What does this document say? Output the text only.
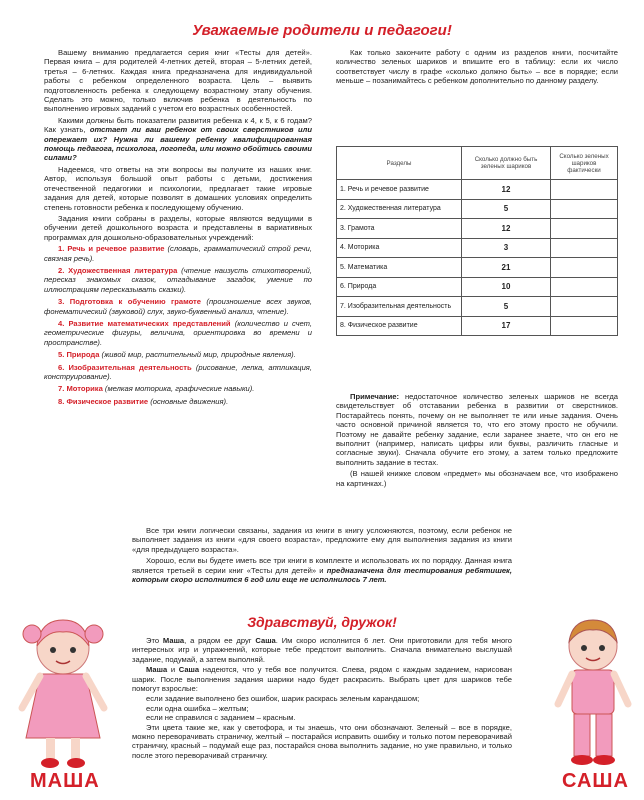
Уважаемые родители и педагоги!

Вашему вниманию предлагается серия книг «Тесты для детей». Первая книга – для родителей 4-летних детей, вторая – 5-летних детей, третья – 6-летних. Каждая книга предназначена для индивидуальной работы с ребенком определенного возраста. Цель – выявить подготовленность ребенка к следующему возрастному этапу обучения. Сделать это можно, только включив ребенка в деятельность по выполнению игровых заданий с учетом его возрастных особенностей.

Какими должны быть показатели развития ребенка к 4, к 5, к 6 годам? Как узнать, отстает ли ваш ребенок от своих сверстников или опережает их? Нужна ли вашему ребенку квалифицированная помощь педагога, психолога, логопеда, или можно обойтись своими силами?

Надеемся, что ответы на эти вопросы вы получите из наших книг. Автор, используя большой опыт работы с детьми, достижения отечественной педагогики и психологии, предлагает такие игровые задания для детей, которые позволят в домашних условиях определить степень готовности ребенка к последующему обучению.

Задания книги собраны в разделы, которые являются ведущими в обучении детей дошкольного возраста и представлены в вариативных программах для дошкольно-образовательных учреждений:

1. Речь и речевое развитие (словарь, грамматический строй речи, связная речь).
2. Художественная литература (чтение наизусть стихотворений, пересказ знакомых сказок, отгадывание загадок, умение по иллюстрациям пересказывать сказки).
3. Подготовка к обучению грамоте (произношение всех звуков, фонематический (звуковой) слух, звуко-буквенный анализ, чтение).
4. Развитие математических представлений (количество и счет, геометрические фигуры, величина, ориентировка во времени и пространстве).
5. Природа (живой мир, растительный мир, природные явления).
6. Изобразительная деятельность (рисование, лепка, аппликация, конструирование).
7. Моторика (мелкая моторика, графические навыки).
8. Физическое развитие (основные движения).

Как только закончите работу с одним из разделов книги, посчитайте количество зеленых шариков и впишите его в таблицу: если их число соответствует числу в графе «сколько должно быть» – все в порядке; если меньше – позанимайтесь с ребенком дополнительно по данному разделу.

Разделы	Сколько должно быть зеленых шариков	Сколько зеленых шариков фактически
1. Речь и речевое развитие	12	
2. Художественная литература	5	
3. Грамота	12	
4. Моторика	3	
5. Математика	21	
6. Природа	10	
7. Изобразительная деятельность	5	
8. Физическое развитие	17	

Примечание: недостаточное количество зеленых шариков не всегда свидетельствует об отставании ребенка в развитии от сверстников. Постарайтесь понять, почему он не выполняет те или иные задания. Очень часто основной причиной является то, что его этому просто не обучили. Поэтому не давайте ребенку задание, если заранее знаете, что он его не выполнит (например, написать цифры или буквы, различить гласные и согласные звуки). Сначала обучите его этому, а затем только предложите выполнить задание в тестах.

(В нашей книжке словом «предмет» мы обозначаем все, что изображено на картинках.)

Все три книги логически связаны, задания из книги в книгу усложняются, поэтому, если ребенок не выполняет задания из книги «для своего возраста», предложите ему для выполнения задания из книги «для предыдущего возраста».

Хорошо, если вы будете иметь все три книги в комплекте и использовать их по порядку. Данная книга является третьей в серии книг «Тесты для детей» и предназначена для тестирования ребятишек, которым скоро исполнится 6 год или еще не исполнилось 7 лет.

Здравствуй, дружок!

Это Маша, а рядом ее друг Саша. Им скоро исполнится 6 лет. Они приготовили для тебя много интересных игр и упражнений, которые тебе предстоит выполнить. Сначала внимательно выслушай задание, подумай, а затем выполняй.

Маша и Саша надеются, что у тебя все получится. Слева, рядом с каждым заданием, нарисован шарик. После выполнения задания шарики надо будет раскрасить. Выбрать цвет для шариков тебе помогут взрослые:

если задание выполнено без ошибок, шарик раскрась зеленым карандашом;

если одна ошибка – желтым;

если не справился с заданием – красным.

Эти цвета такие же, как у светофора, и ты знаешь, что они обозначают. Зеленый – все в порядке, можно переворачивать страничку, желтый – постарайся исправить ошибку и только потом переворачивай страничку, красный – подумай еще раз, постарайся снова выполнить задание, но уже правильно, и только после этого переворачивай страничку.

МАША	САША
